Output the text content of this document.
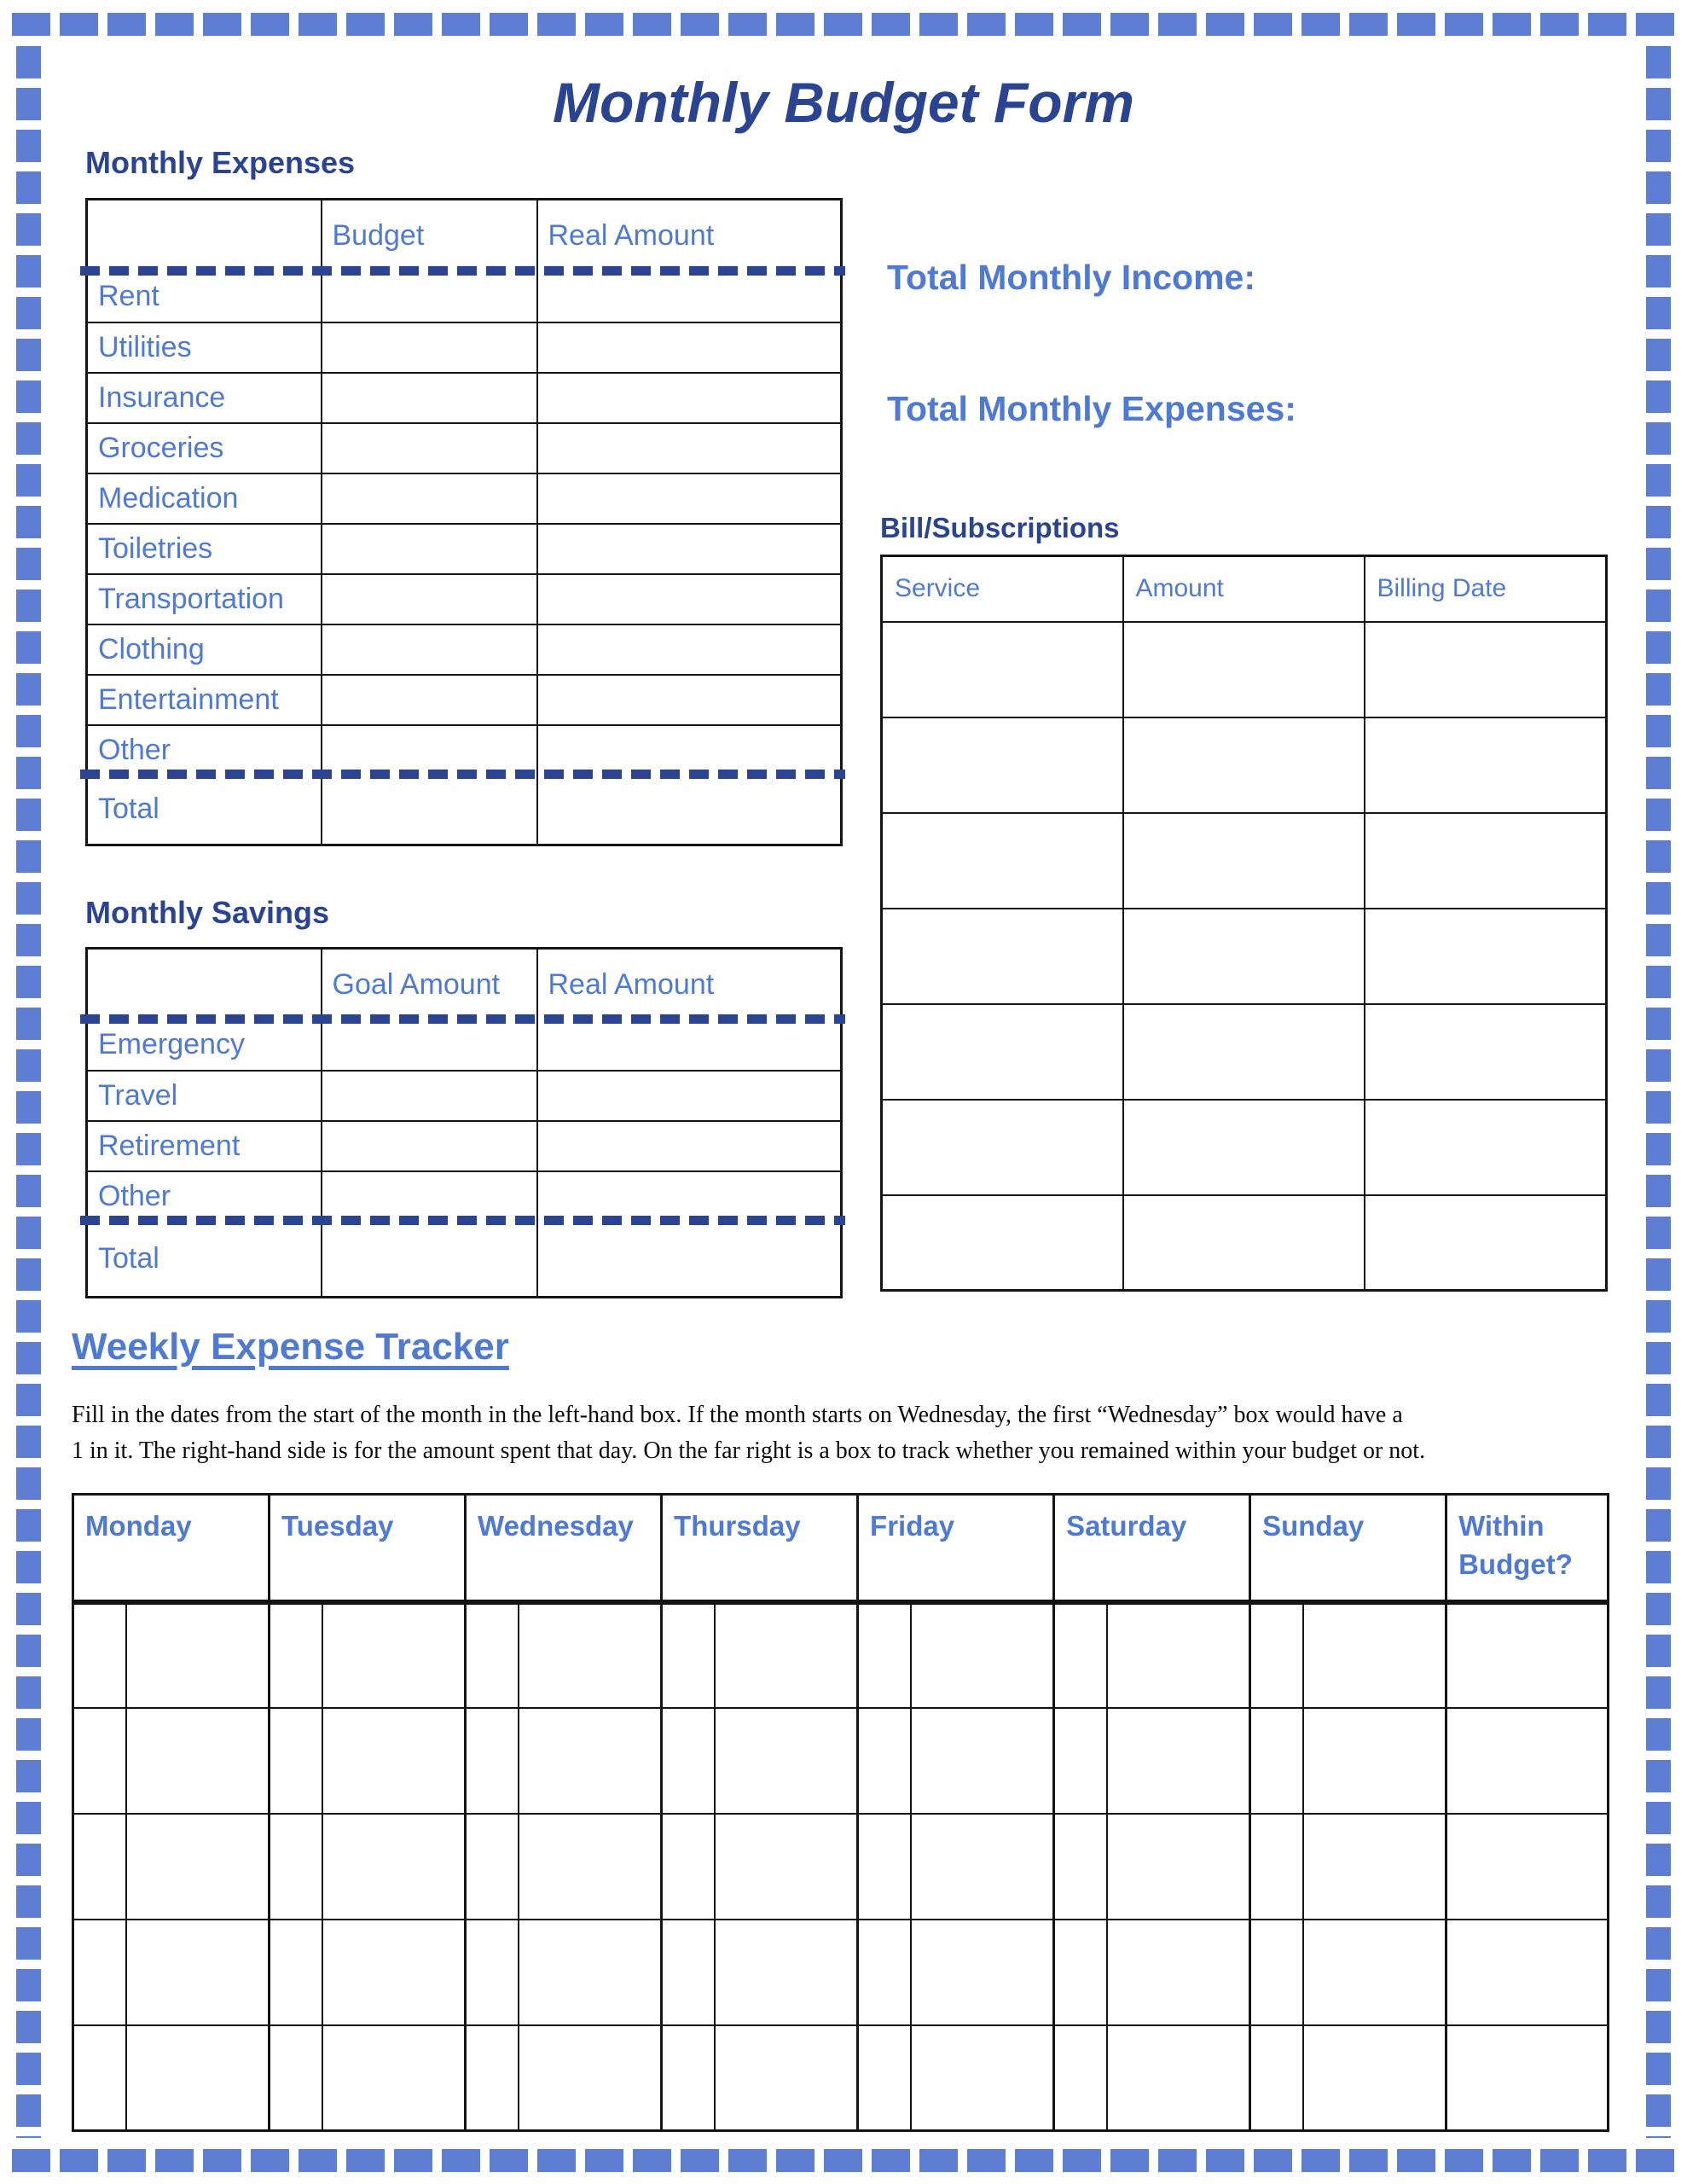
Monthly Budget Form
Monthly Expenses
	Budget	Real Amount
Rent		
Utilities		
Insurance		
Groceries		
Medication		
Toiletries		
Transportation		
Clothing		
Entertainment		
Other		
Total		
Monthly Savings
	Goal Amount	Real Amount
Emergency		
Travel		
Retirement		
Other		
Total		
Total Monthly Income:
Total Monthly Expenses:
Bill/Subscriptions
Service	Amount	Billing Date

Weekly Expense Tracker
Fill in the dates from the start of the month in the left-hand box. If the month starts on Wednesday, the first “Wednesday” box would have a
1 in it. The right-hand side is for the amount spent that day. On the far right is a box to track whether you remained within your budget or not.
Monday		Tuesday		Wednesday		Thursday		Friday		Saturday		Sunday		Within Budget?
